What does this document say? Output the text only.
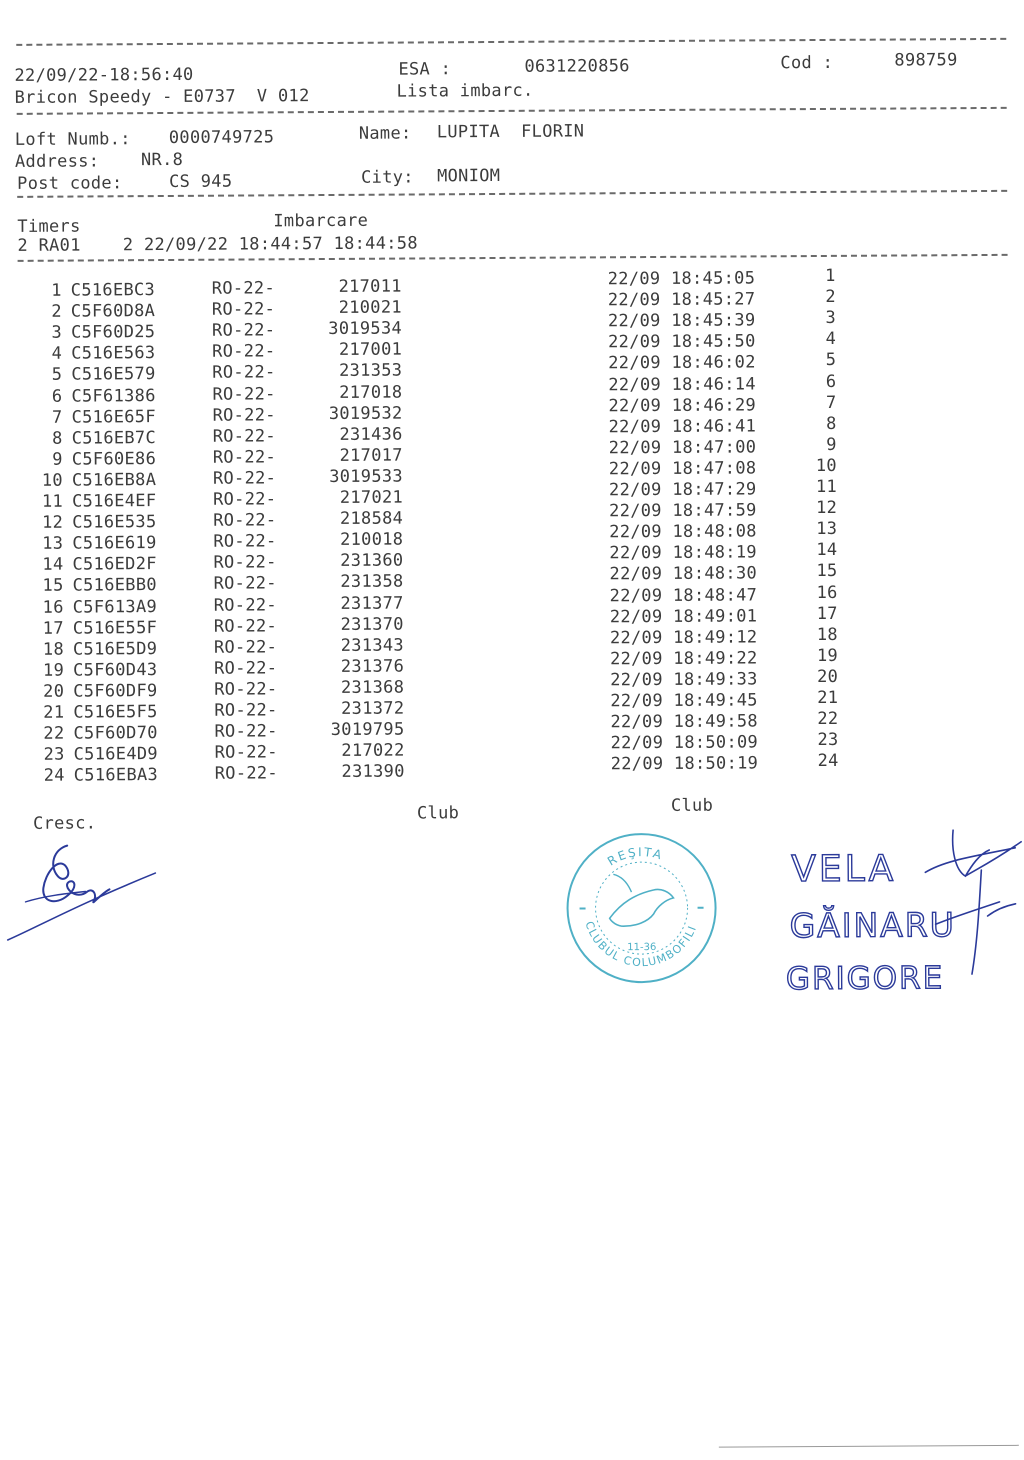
22/09/22-18:56:40	ESA :	0631220856	Cod :	898759
Bricon Speedy - E0737  V 012	Lista imbarc.
Loft Numb.: 0000749725	Name: LUPITA  FLORIN
Address: NR.8
Post code:	CS 945	City: MONIOM
Timers	Imbarcare
2 RA01    2 22/09/22 18:44:57 18:44:58
1 C516EBC3	RO-22-	217011	22/09 18:45:05	1
2 C5F60D8A	RO-22-	210021	22/09 18:45:27	2
3 C5F60D25	RO-22-	3019534	22/09 18:45:39	3
4 C516E563	RO-22-	217001	22/09 18:45:50	4
5 C516E579	RO-22-	231353	22/09 18:46:02	5
6 C5F61386	RO-22-	217018	22/09 18:46:14	6
7 C516E65F	RO-22-	3019532	22/09 18:46:29	7
8 C516EB7C	RO-22-	231436	22/09 18:46:41	8
9 C5F60E86	RO-22-	217017	22/09 18:47:00	9
10 C516EB8A	RO-22-	3019533	22/09 18:47:08	10
11 C516E4EF	RO-22-	217021	22/09 18:47:29	11
12 C516E535	RO-22-	218584	22/09 18:47:59	12
13 C516E619	RO-22-	210018	22/09 18:48:08	13
14 C516ED2F	RO-22-	231360	22/09 18:48:19	14
15 C516EBB0	RO-22-	231358	22/09 18:48:30	15
16 C5F613A9	RO-22-	231377	22/09 18:48:47	16
17 C516E55F	RO-22-	231370	22/09 18:49:01	17
18 C516E5D9	RO-22-	231343	22/09 18:49:12	18
19 C5F60D43	RO-22-	231376	22/09 18:49:22	19
20 C5F60DF9	RO-22-	231368	22/09 18:49:33	20
21 C516E5F5	RO-22-	231372	22/09 18:49:45	21
22 C5F60D70	RO-22-	3019795	22/09 18:49:58	22
23 C516E4D9	RO-22-	217022	22/09 18:50:09	23
24 C516EBA3	RO-22-	231390	22/09 18:50:19	24
Cresc.
Club	Club
REŞITA
CLUBUL COLUMBOFILI
11-36
VELA
GĂINARU
GRIGORE
